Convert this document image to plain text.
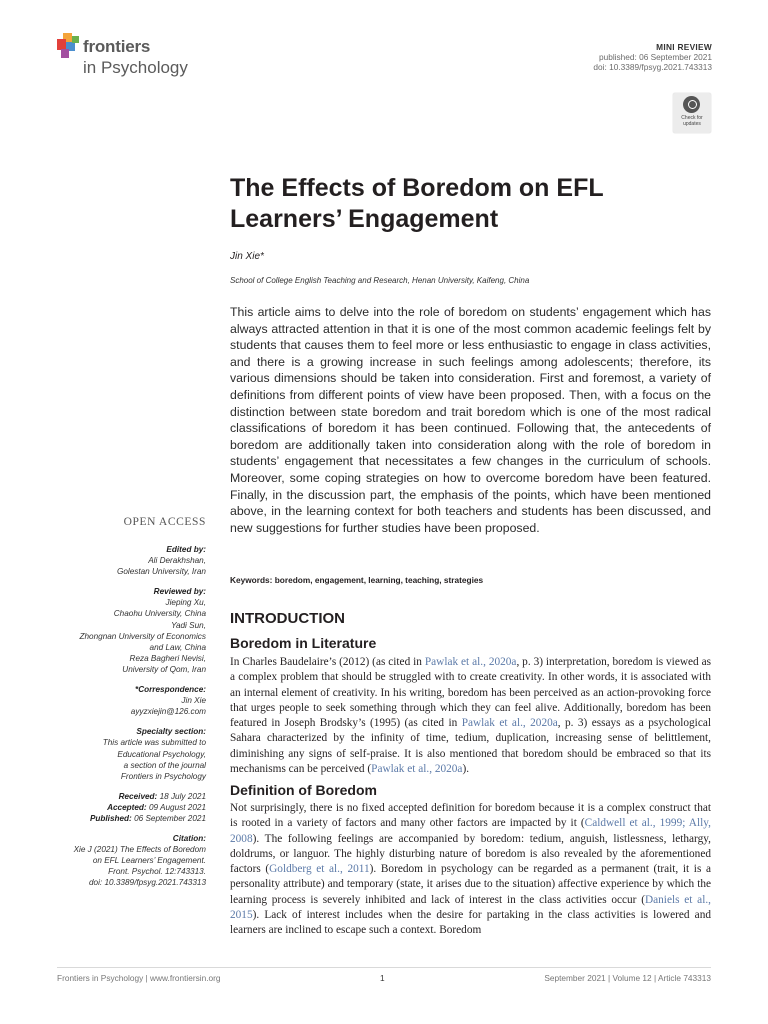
frontiers
in Psychology
MINI REVIEW
published: 06 September 2021
doi: 10.3389/fpsyg.2021.743313
Check for
updates
The Effects of Boredom on EFL Learners’ Engagement
Jin Xie*
School of College English Teaching and Research, Henan University, Kaifeng, China
This article aims to delve into the role of boredom on students’ engagement which has always attracted attention in that it is one of the most common academic feelings felt by students that causes them to feel more or less enthusiastic to engage in class activities, and there is a growing increase in such feelings among adolescents; therefore, its various dimensions should be taken into consideration. First and foremost, a variety of definitions from different points of view have been proposed. Then, with a focus on the distinction between state boredom and trait boredom which is one of the most radical classifications of boredom it has been continued. Following that, the antecedents of boredom are additionally taken into consideration along with the role of boredom in students’ engagement that necessitates a few changes in the curriculum of schools. Moreover, some coping strategies on how to overcome boredom have been featured. Finally, in the discussion part, the emphasis of the points, which have been mentioned above, in the learning context for both teachers and students has been discussed, and new suggestions for further studies have been proposed.
Keywords: boredom, engagement, learning, teaching, strategies
OPEN ACCESS
Edited by:
Ali Derakhshan,
Golestan University, Iran
Reviewed by:
Jieping Xu,
Chaohu University, China
Yadi Sun,
Zhongnan University of Economics
and Law, China
Reza Bagheri Nevisi,
University of Qom, Iran
*Correspondence:
Jin Xie
ayyzxiejin@126.com
Specialty section:
This article was submitted to
Educational Psychology,
a section of the journal
Frontiers in Psychology
Received: 18 July 2021
Accepted: 09 August 2021
Published: 06 September 2021
Citation:
Xie J (2021) The Effects of Boredom
on EFL Learners’ Engagement.
Front. Psychol. 12:743313.
doi: 10.3389/fpsyg.2021.743313
INTRODUCTION
Boredom in Literature
In Charles Baudelaire’s (2012) (as cited in Pawlak et al., 2020a, p. 3) interpretation, boredom is viewed as a complex problem that should be struggled with to create creativity. In other words, it is associated with an internal element of creativity. In his writing, boredom has been perceived as an action-provoking force that urges people to seek something through which they can feel alive. Additionally, boredom has been featured in Joseph Brodsky’s (1995) (as cited in Pawlak et al., 2020a, p. 3) essays as a psychological Sahara characterized by the infinity of time, tedium, duplication, increasing sense of belittlement, diminishing any signs of self-praise. It is also mentioned that boredom should be embraced so that its mechanisms can be perceived (Pawlak et al., 2020a).
Definition of Boredom
Not surprisingly, there is no fixed accepted definition for boredom because it is a complex construct that is rooted in a variety of factors and many other factors are impacted by it (Caldwell et al., 1999; Ally, 2008). The following feelings are accompanied by boredom: tedium, anguish, listlessness, lethargy, doldrums, or languor. The highly disturbing nature of boredom is also revealed by the aforementioned factors (Goldberg et al., 2011). Boredom in psychology can be regarded as a permanent (trait, it is a personality attribute) and temporary (state, it arises due to the situation) affective experience by which the learning process is severely inhibited and lack of interest in the class activities occur (Daniels et al., 2015). Lack of interest includes when the desire for partaking in the class activities is lowered and learners are inclined to escape such a context. Boredom
Frontiers in Psychology | www.frontiersin.org	1	September 2021 | Volume 12 | Article 743313
